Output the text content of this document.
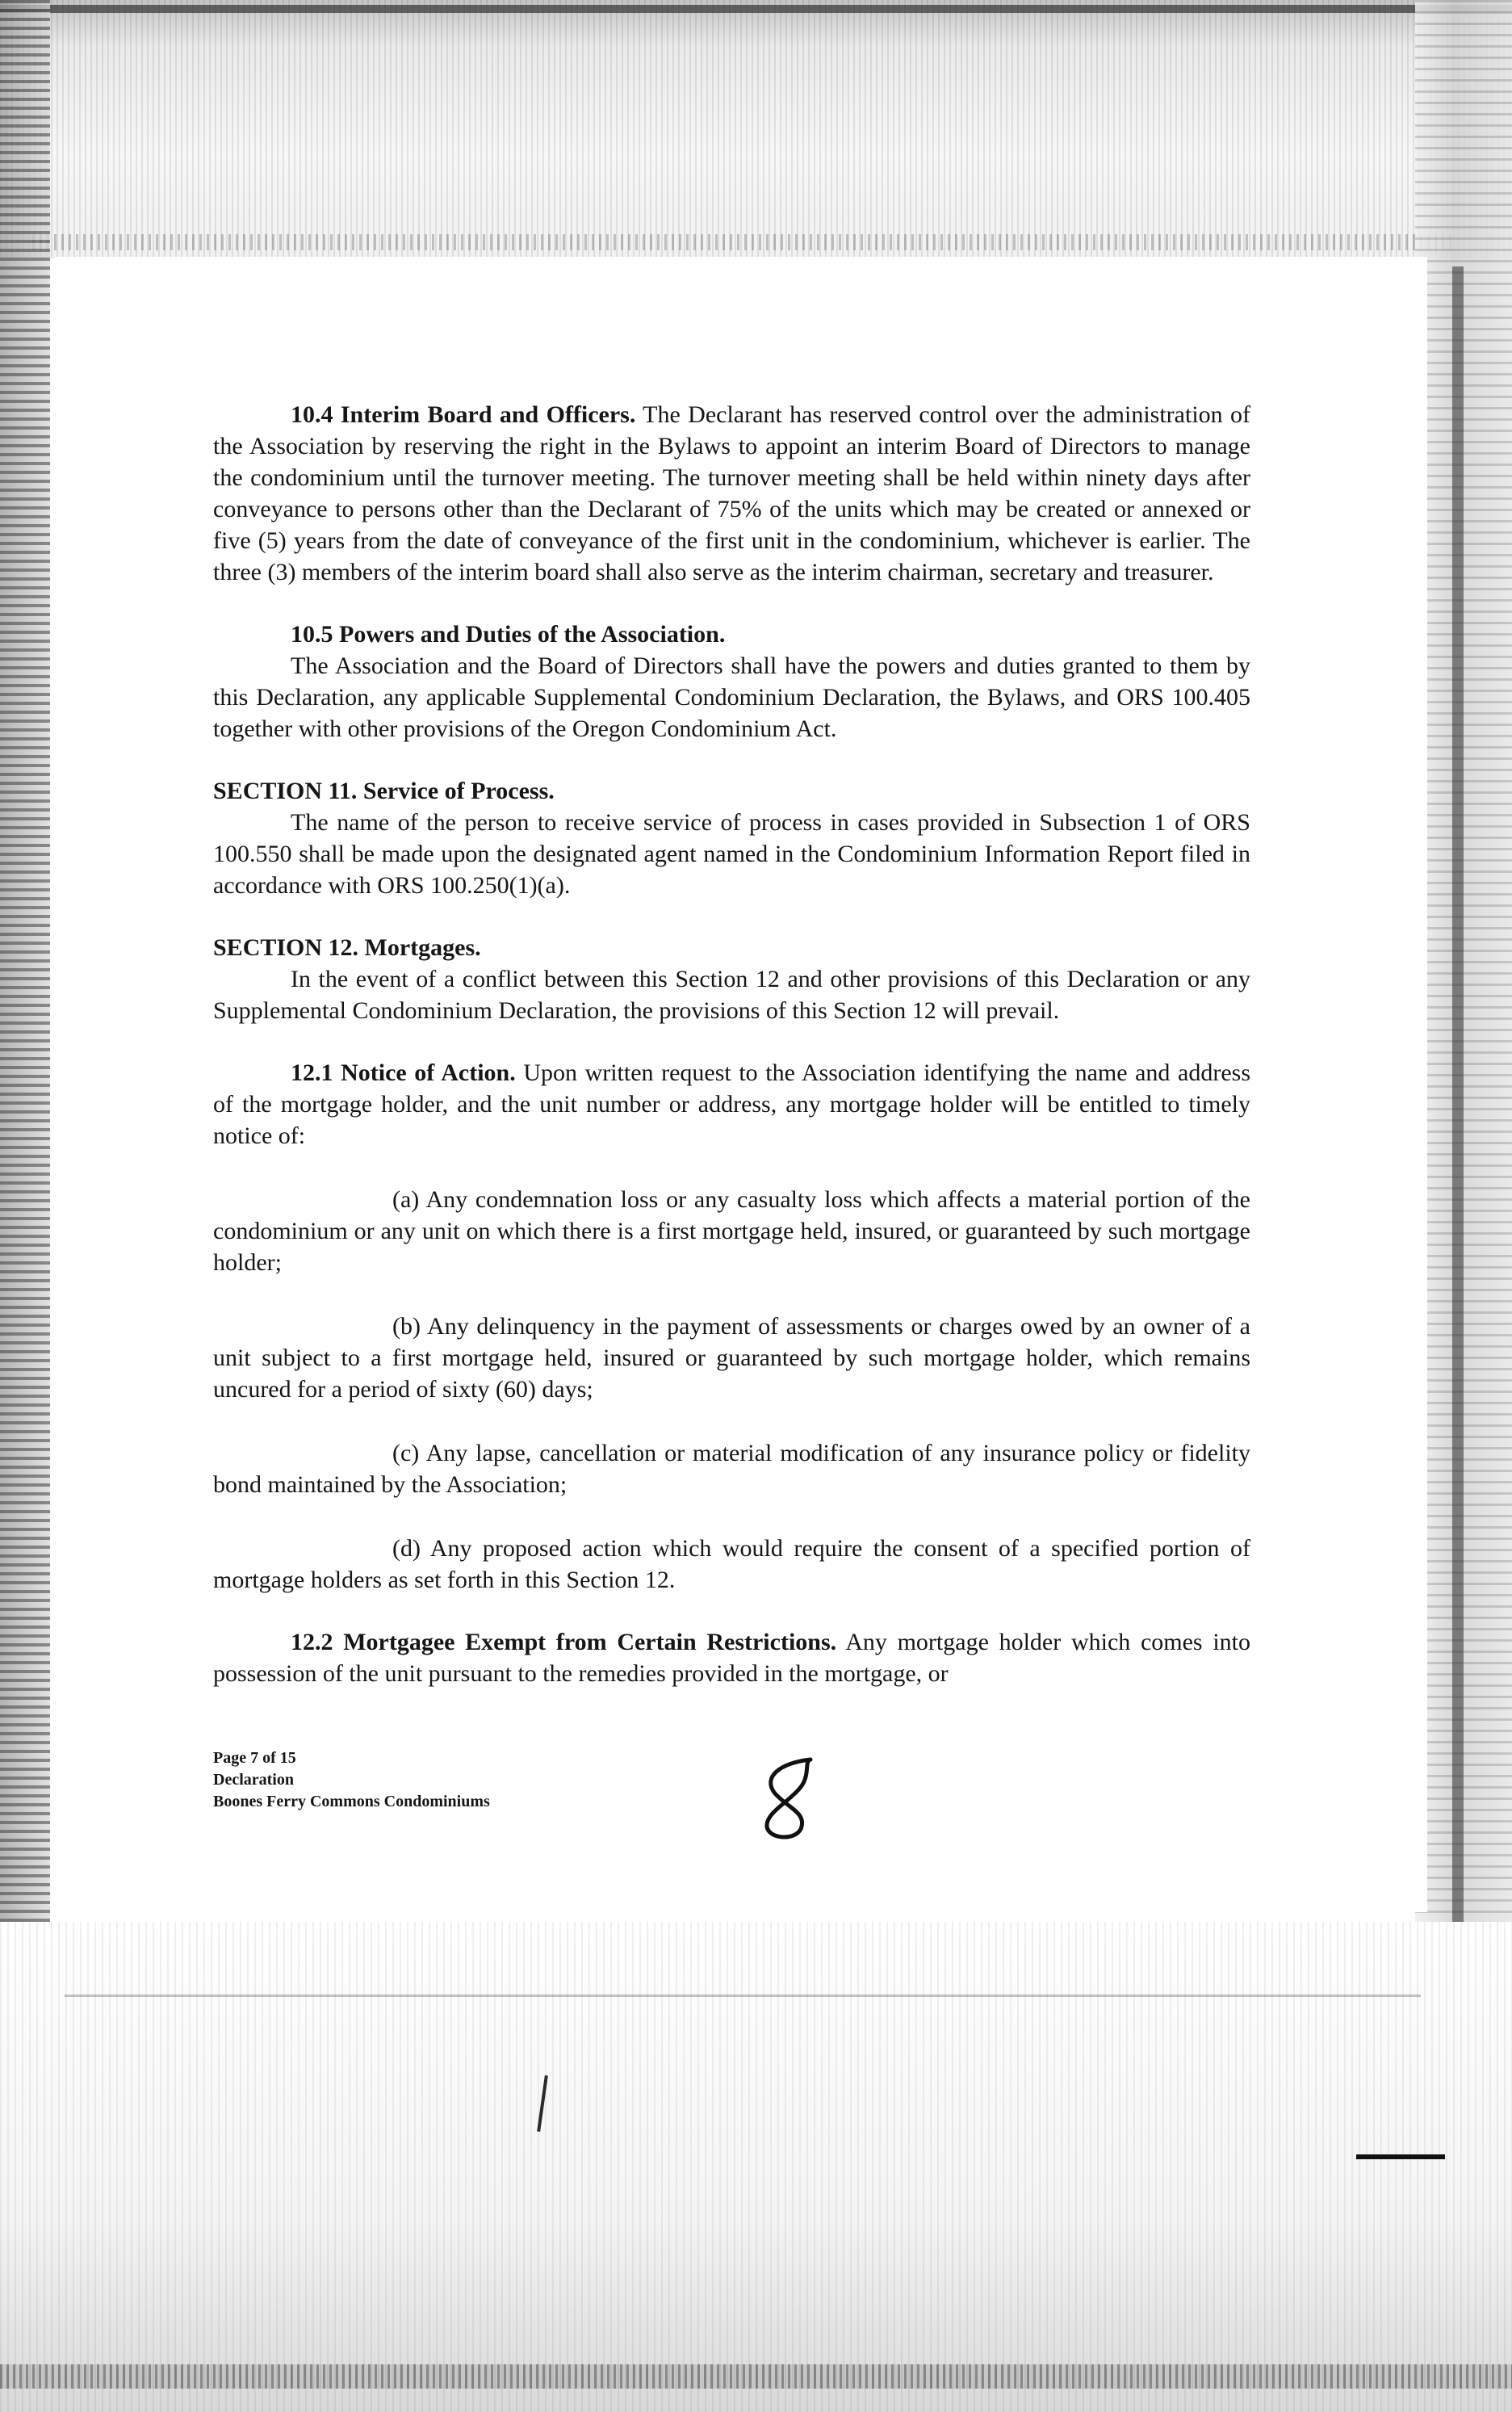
10.4 Interim Board and Officers. The Declarant has reserved control over the administration of the Association by reserving the right in the Bylaws to appoint an interim Board of Directors to manage the condominium until the turnover meeting. The turnover meeting shall be held within ninety days after conveyance to persons other than the Declarant of 75% of the units which may be created or annexed or five (5) years from the date of conveyance of the first unit in the condominium, whichever is earlier. The three (3) members of the interim board shall also serve as the interim chairman, secretary and treasurer.

10.5 Powers and Duties of the Association.

The Association and the Board of Directors shall have the powers and duties granted to them by this Declaration, any applicable Supplemental Condominium Declaration, the Bylaws, and ORS 100.405 together with other provisions of the Oregon Condominium Act.

SECTION 11. Service of Process.

The name of the person to receive service of process in cases provided in Subsection 1 of ORS 100.550 shall be made upon the designated agent named in the Condominium Information Report filed in accordance with ORS 100.250(1)(a).

SECTION 12. Mortgages.

In the event of a conflict between this Section 12 and other provisions of this Declaration or any Supplemental Condominium Declaration, the provisions of this Section 12 will prevail.

12.1 Notice of Action. Upon written request to the Association identifying the name and address of the mortgage holder, and the unit number or address, any mortgage holder will be entitled to timely notice of:

(a) Any condemnation loss or any casualty loss which affects a material portion of the condominium or any unit on which there is a first mortgage held, insured, or guaranteed by such mortgage holder;

(b) Any delinquency in the payment of assessments or charges owed by an owner of a unit subject to a first mortgage held, insured or guaranteed by such mortgage holder, which remains uncured for a period of sixty (60) days;

(c) Any lapse, cancellation or material modification of any insurance policy or fidelity bond maintained by the Association;

(d) Any proposed action which would require the consent of a specified portion of mortgage holders as set forth in this Section 12.

12.2 Mortgagee Exempt from Certain Restrictions. Any mortgage holder which comes into possession of the unit pursuant to the remedies provided in the mortgage, or

Page 7 of 15
Declaration
Boones Ferry Commons Condominiums
